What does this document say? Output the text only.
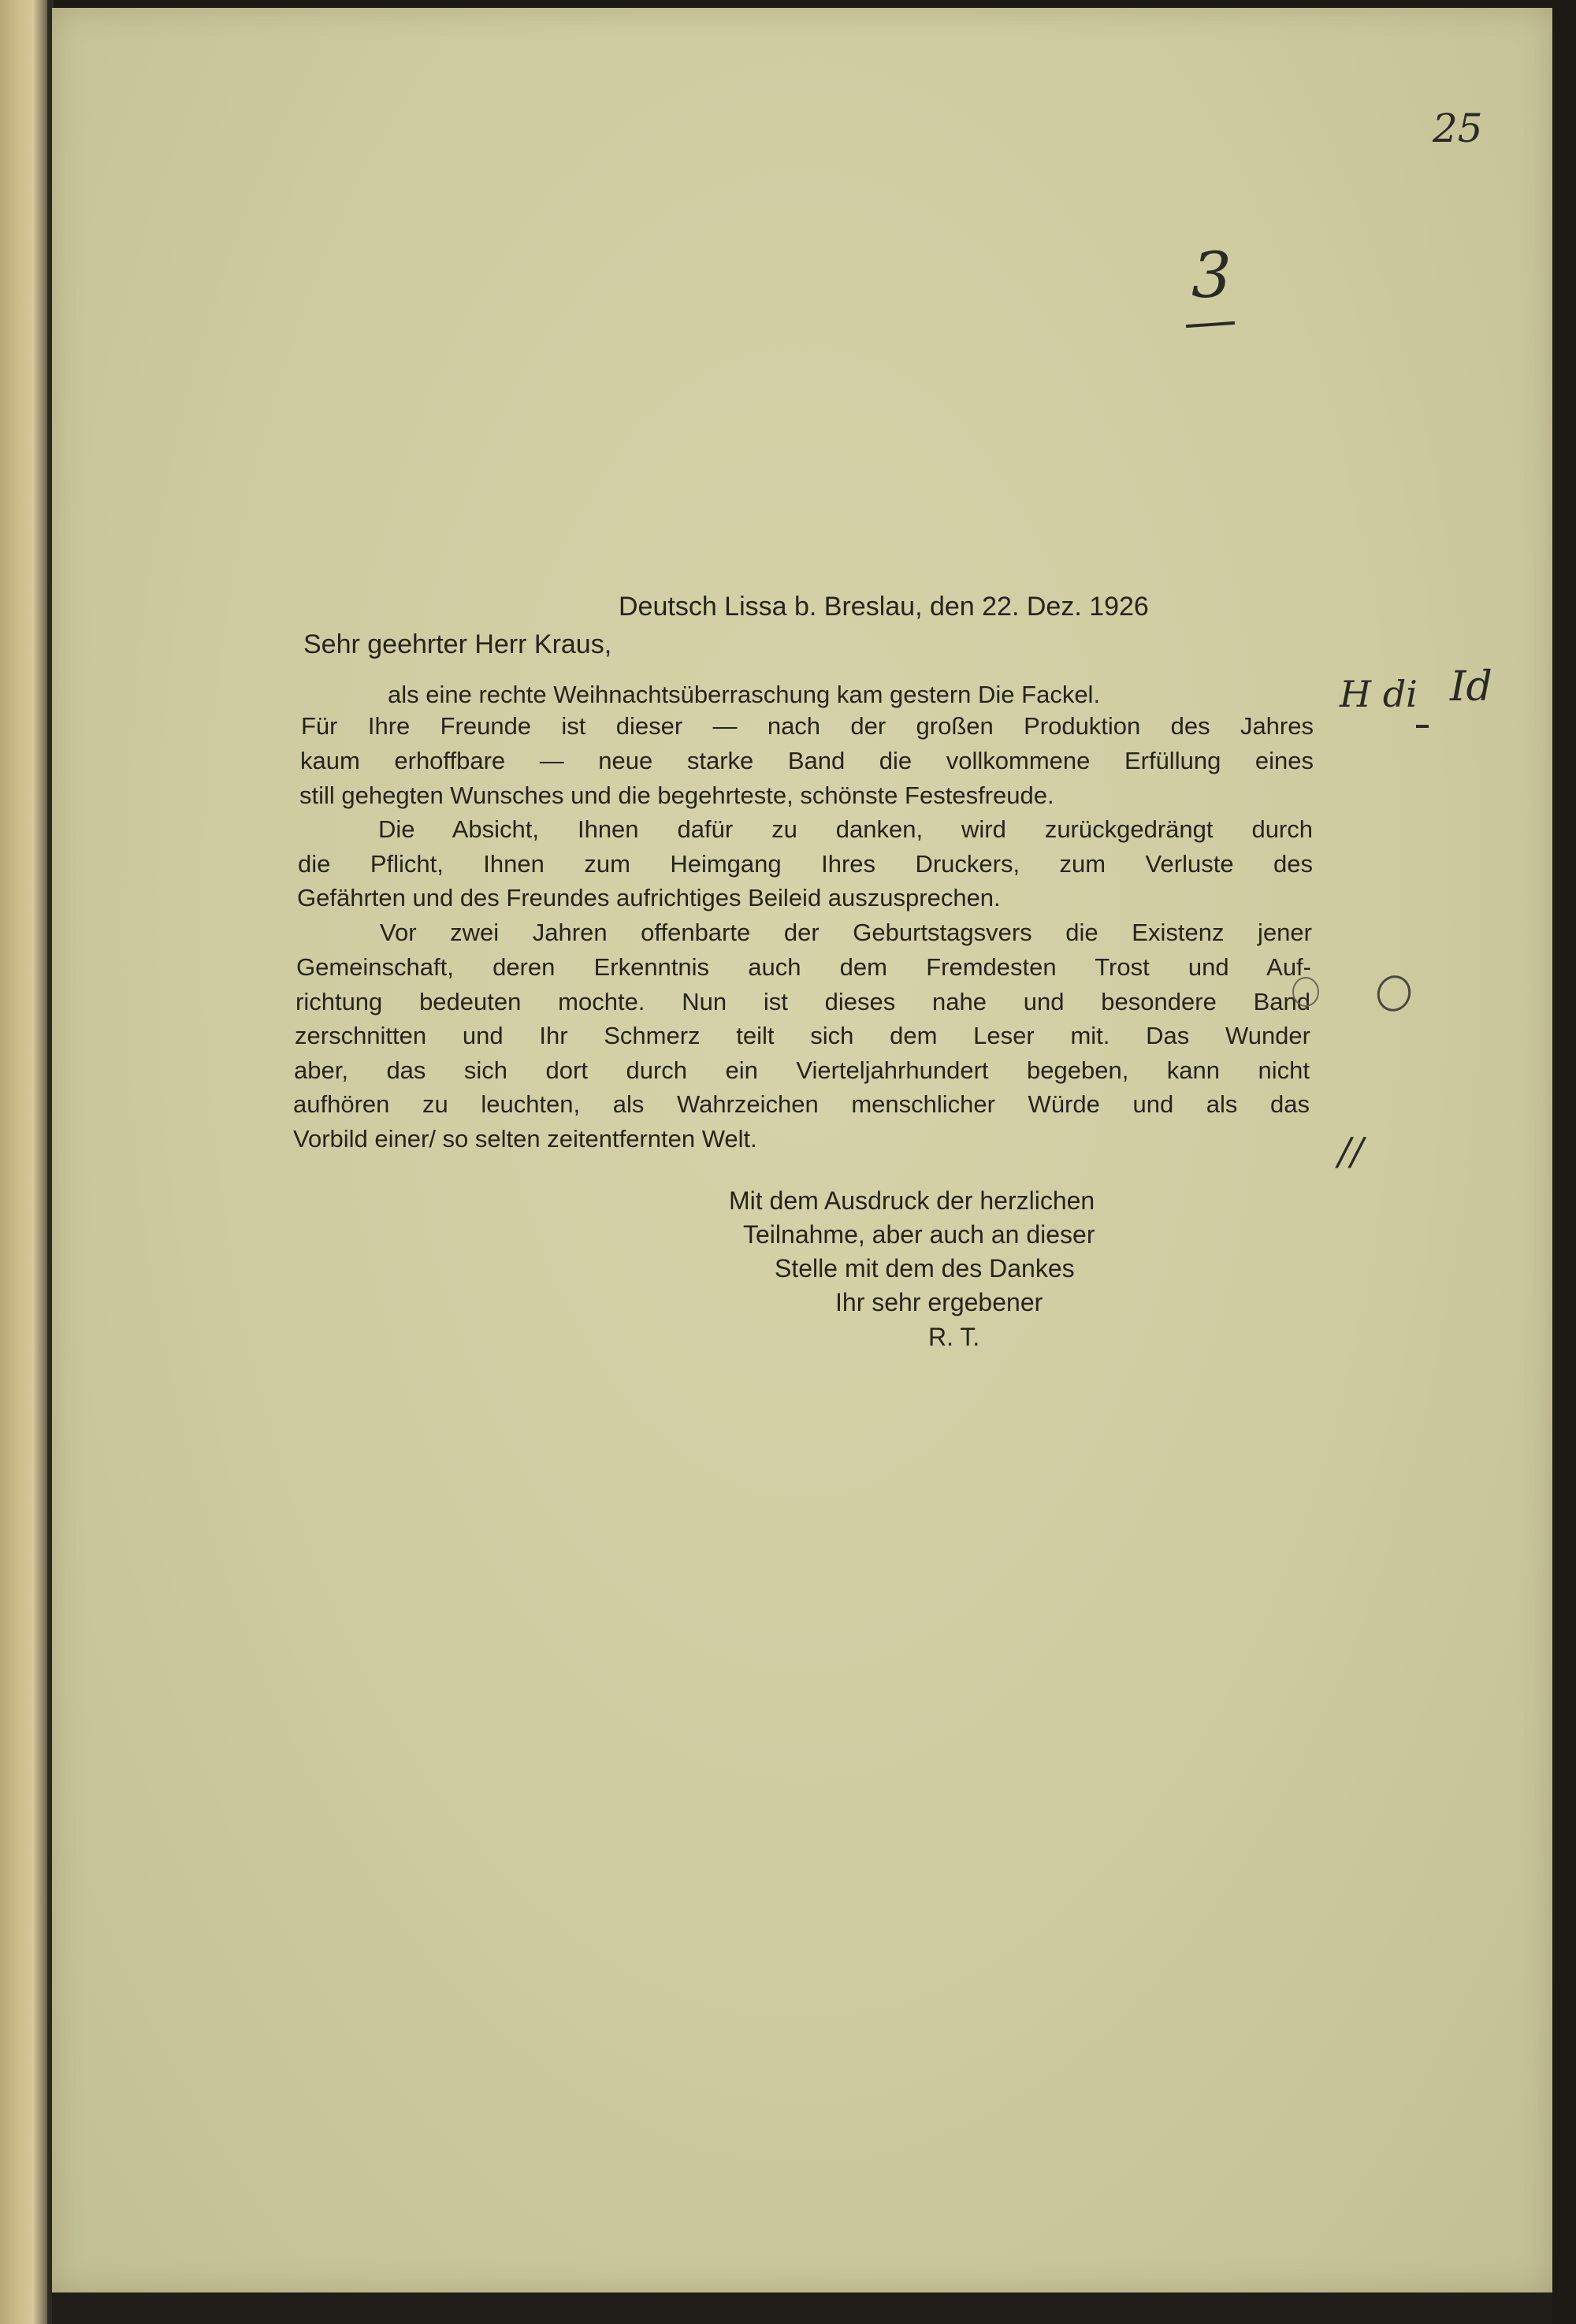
25
3
Deutsch Lissa b. Breslau, den 22. Dez. 1926
Sehr geehrter Herr Kraus,
als eine rechte Weihnachtsüberraschung kam gestern Die Fackel.
Für Ihre Freunde ist dieser — nach der großen Produktion des Jahres
kaum erhoffbare — neue starke Band die vollkommene Erfüllung eines
still gehegten Wunsches und die begehrteste, schönste Festesfreude.
Die Absicht, Ihnen dafür zu danken, wird zurückgedrängt durch
die Pflicht, Ihnen zum Heimgang Ihres Druckers, zum Verluste des
Gefährten und des Freundes aufrichtiges Beileid auszusprechen.
Vor zwei Jahren offenbarte der Geburtstagsvers die Existenz jener
Gemeinschaft, deren Erkenntnis auch dem Fremdesten Trost und Auf-
richtung bedeuten mochte. Nun ist dieses nahe und besondere Band
zerschnitten und Ihr Schmerz teilt sich dem Leser mit. Das Wunder
aber, das sich dort durch ein Vierteljahrhundert begeben, kann nicht
aufhören zu leuchten, als Wahrzeichen menschlicher Würde und als das
Vorbild einer/ so selten zeitentfernten Welt.
Mit dem Ausdruck der herzlichen
Teilnahme, aber auch an dieser
Stelle mit dem des Dankes
Ihr sehr ergebener
R. T.
H di Id
//
